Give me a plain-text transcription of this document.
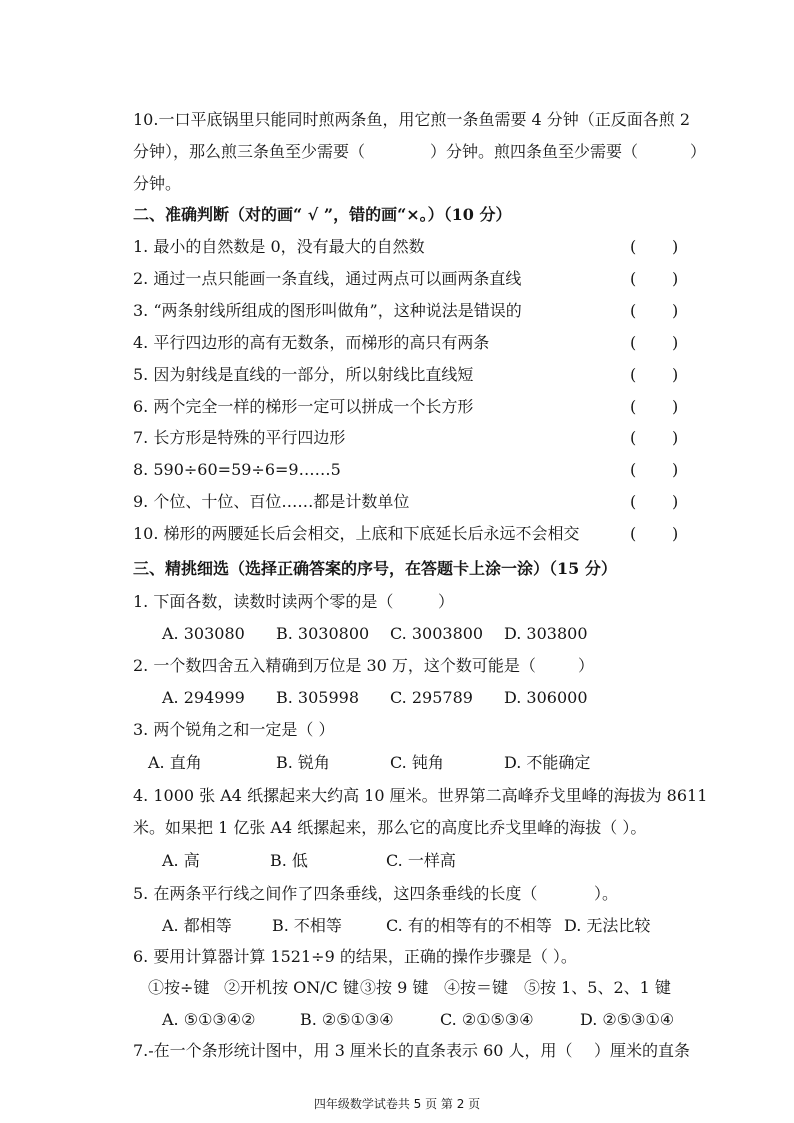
10.一口平底锅里只能同时煎两条鱼，用它煎一条鱼需要 4 分钟（正反面各煎 2
分钟），那么煎三条鱼至少需要（	）分钟。煎四条鱼至少需要（	）
分钟。
二、准确判断（对的画“ √ ”，错的画“×。）（10 分）
1. 最小的自然数是 0，没有最大的自然数	( )
2. 通过一点只能画一条直线，通过两点可以画两条直线	( )
3. “两条射线所组成的图形叫做角”，这种说法是错误的	( )
4. 平行四边形的高有无数条，而梯形的高只有两条	( )
5. 因为射线是直线的一部分，所以射线比直线短	( )
6. 两个完全一样的梯形一定可以拼成一个长方形	( )
7. 长方形是特殊的平行四边形	( )
8. 590÷60=59÷6=9……5	( )
9. 个位、十位、百位……都是计数单位	( )
10. 梯形的两腰延长后会相交，上底和下底延长后永远不会相交	( )
三、精挑细选（选择正确答案的序号，在答题卡上涂一涂）（15 分）
1. 下面各数，读数时读两个零的是（	）
A. 303080 B. 3030800 C. 3003800 D. 303800
2. 一个数四舍五入精确到万位是 30 万，这个数可能是（	）
A. 294999 B. 305998 C. 295789 D. 306000
3. 两个锐角之和一定是（ ）
A. 直角	B. 锐角	C. 钝角	D. 不能确定
4. 1000 张 A4 纸摞起来大约高 10 厘米。世界第二高峰乔戈里峰的海拔为 8611
米。如果把 1 亿张 A4 纸摞起来，那么它的高度比乔戈里峰的海拔（ ）。
A. 高	B. 低	C. 一样高
5. 在两条平行线之间作了四条垂线，这四条垂线的长度（	）。
A. 都相等	B. 不相等	C. 有的相等有的不相等 D. 无法比较
6. 要用计算器计算 1521÷9 的结果，正确的操作步骤是（ ）。
①按÷键 ②开机按 ON/C 键 ③按 9 键 ④按＝键 ⑤按 1、5、2、1 键
A. ⑤①③④②	B. ②⑤①③④	C. ②①⑤③④	D. ②⑤③①④
7.-在一个条形统计图中，用 3 厘米长的直条表示 60 人，用（ ）厘米的直条
四年级数学试卷共 5 页 第 2 页
